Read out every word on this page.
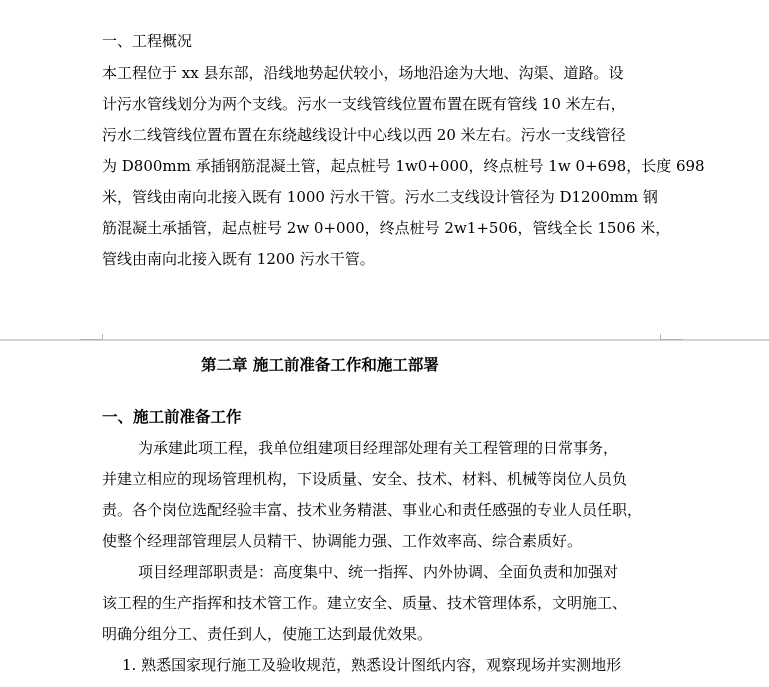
一、工程概况
本工程位于 xx 县东部，沿线地势起伏较小，场地沿途为大地、沟渠、道路。设
计污水管线划分为两个支线。污水一支线管线位置布置在既有管线 10 米左右，
污水二线管线位置布置在东绕越线设计中心线以西 20 米左右。污水一支线管径
为 D800mm 承插钢筋混凝土管，起点桩号 1w0+000，终点桩号 1w 0+698，长度 698
米，管线由南向北接入既有 1000 污水干管。污水二支线设计管径为 D1200mm 钢
筋混凝土承插管，起点桩号 2w 0+000，终点桩号 2w1+506，管线全长 1506 米，
管线由南向北接入既有 1200 污水干管。
第二章 施工前准备工作和施工部署
一、施工前准备工作
为承建此项工程，我单位组建项目经理部处理有关工程管理的日常事务，
并建立相应的现场管理机构，下设质量、安全、技术、材料、机械等岗位人员负
责。各个岗位选配经验丰富、技术业务精湛、事业心和责任感强的专业人员任职，
使整个经理部管理层人员精干、协调能力强、工作效率高、综合素质好。
项目经理部职责是：高度集中、统一指挥、内外协调、全面负责和加强对
该工程的生产指挥和技术管工作。建立安全、质量、技术管理体系，文明施工、
明确分组分工、责任到人，使施工达到最优效果。
1. 熟悉国家现行施工及验收规范，熟悉设计图纸内容，观察现场并实测地形
